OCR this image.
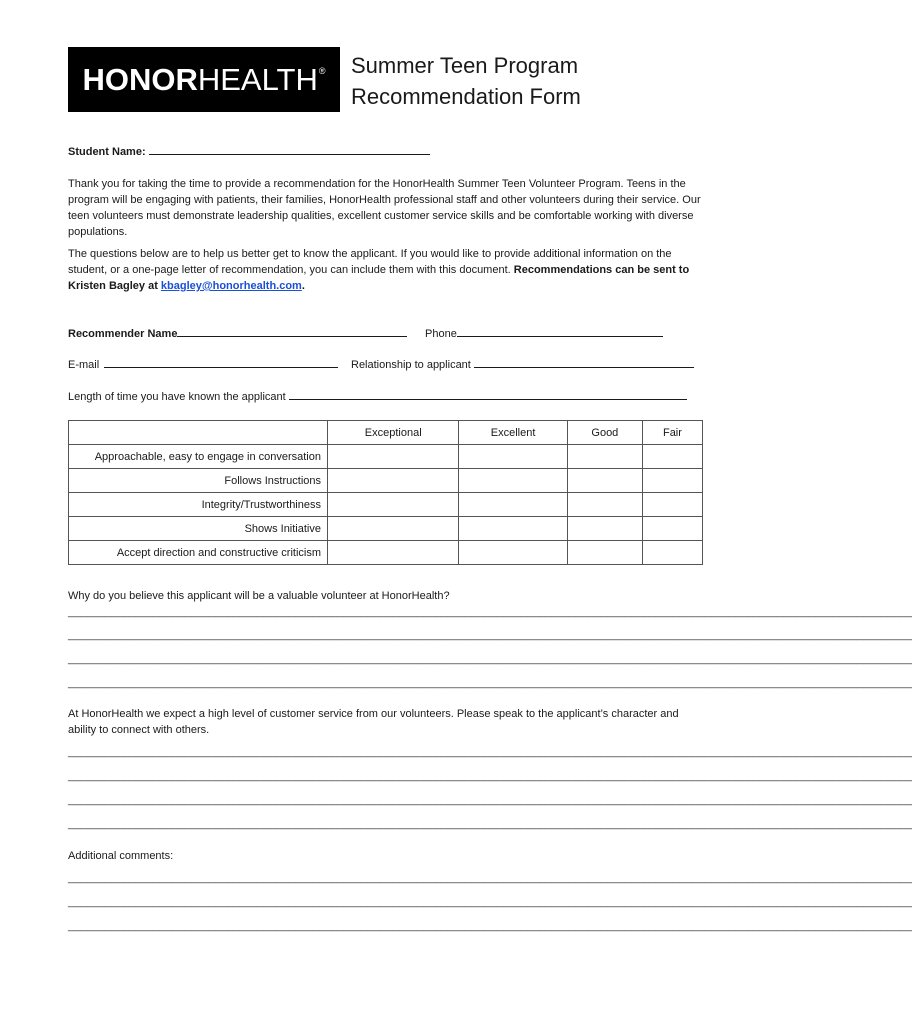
HONORHEALTH® Summer Teen Program
Recommendation Form
Student Name:
Thank you for taking the time to provide a recommendation for the HonorHealth Summer Teen Volunteer Program. Teens in the program will be engaging with patients, their families, HonorHealth professional staff and other volunteers during their service. Our teen volunteers must demonstrate leadership qualities, excellent customer service skills and be comfortable working with diverse populations.
The questions below are to help us better get to know the applicant. If you would like to provide additional information on the student, or a one-page letter of recommendation, you can include them with this document. Recommendations can be sent to Kristen Bagley at kbagley@honorhealth.com.
Recommender Name	Phone
E-mail	Relationship to applicant
Length of time you have known the applicant
	Exceptional	Excellent	Good	Fair
Approachable, easy to engage in conversation				
Follows Instructions				
Integrity/Trustworthiness				
Shows Initiative				
Accept direction and constructive criticism				
Why do you believe this applicant will be a valuable volunteer at HonorHealth?
__________________________________________________________________________________________________________________________________________
__________________________________________________________________________________________________________________________________________
__________________________________________________________________________________________________________________________________________
__________________________________________________________________________________________________________________________________________
At HonorHealth we expect a high level of customer service from our volunteers. Please speak to the applicant’s character and ability to connect with others.
__________________________________________________________________________________________________________________________________________
__________________________________________________________________________________________________________________________________________
__________________________________________________________________________________________________________________________________________
__________________________________________________________________________________________________________________________________________
Additional comments:
__________________________________________________________________________________________________________________________________________
__________________________________________________________________________________________________________________________________________
__________________________________________________________________________________________________________________________________________
